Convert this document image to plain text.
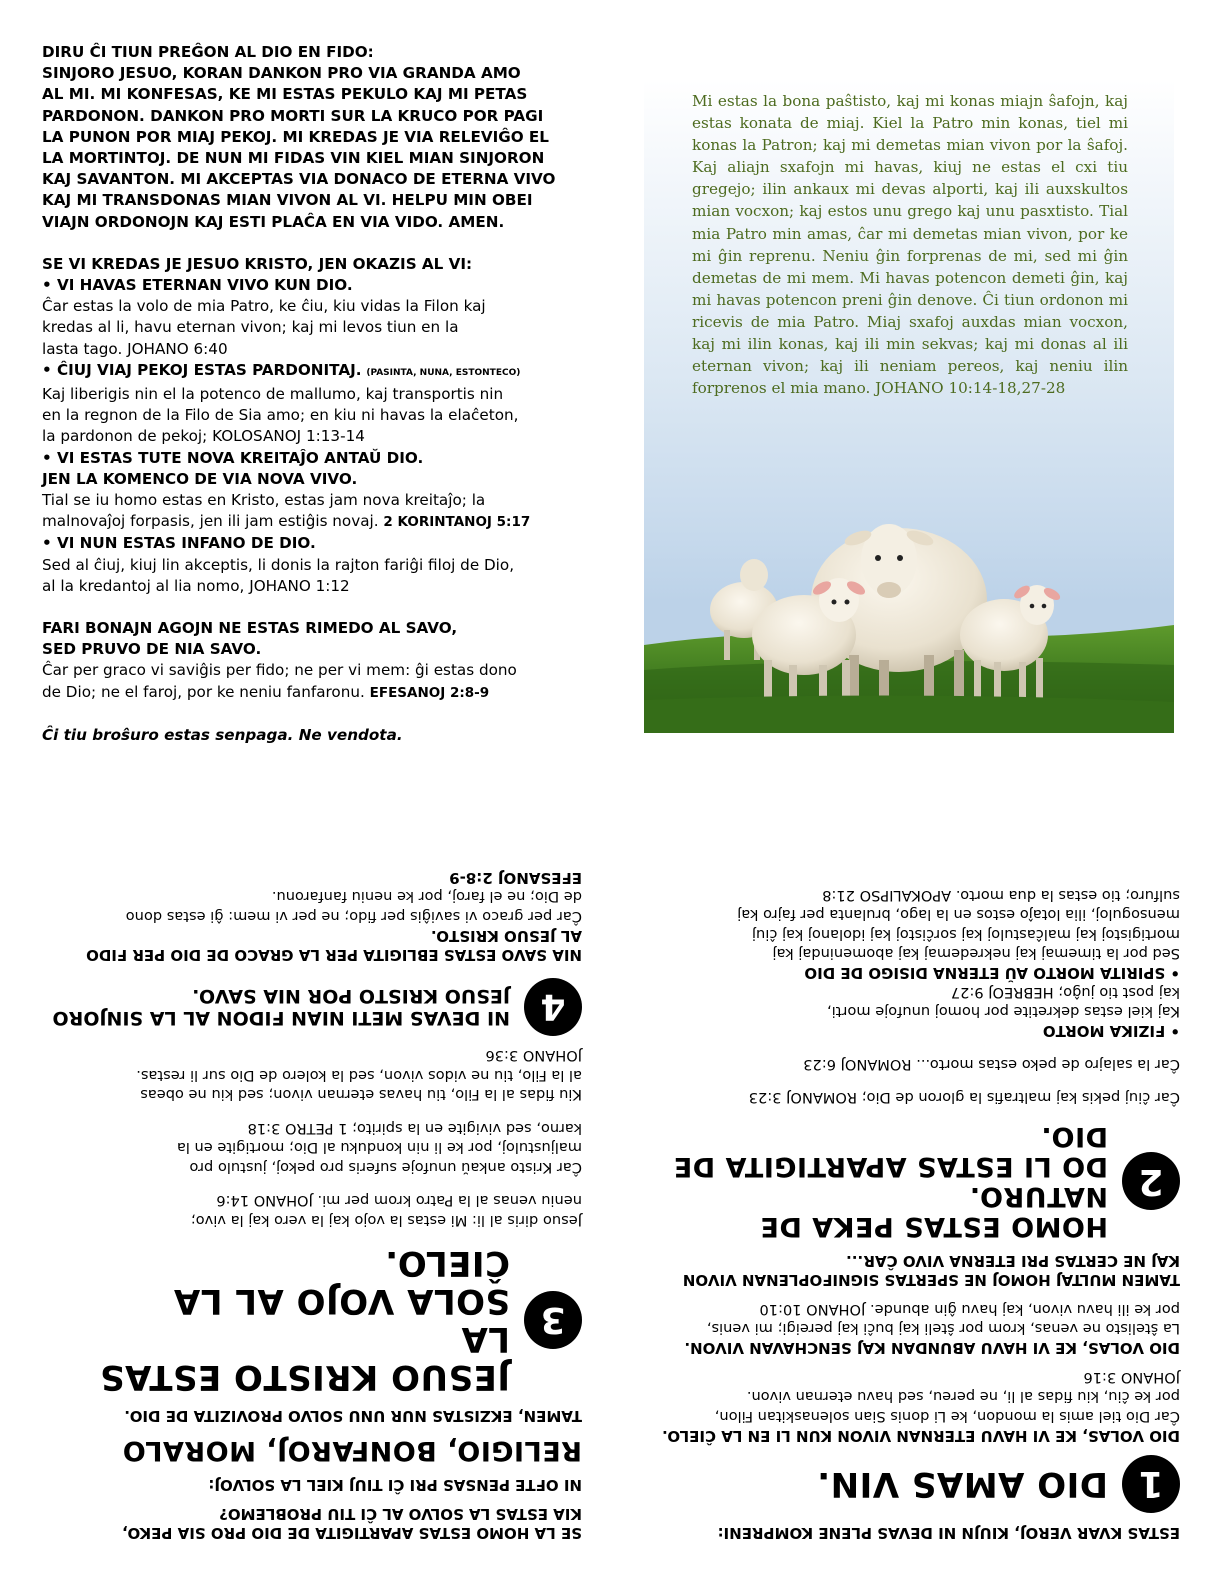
DIRU ĈI TIUN PREĜON AL DIO EN FIDO:

SINJORO JESUO, KORAN DANKON PRO VIA GRANDA AMO

AL MI. MI KONFESAS, KE MI ESTAS PEKULO KAJ MI PETAS

PARDONON. DANKON PRO MORTI SUR LA KRUCO POR PAGI

LA PUNON POR MIAJ PEKOJ. MI KREDAS JE VIA RELEVIĜO EL

LA MORTINTOJ. DE NUN MI FIDAS VIN KIEL MIAN SINJORON

KAJ SAVANTON. MI AKCEPTAS VIA DONACO DE ETERNA VIVO

KAJ MI TRANSDONAS MIAN VIVON AL VI. HELPU MIN OBEI

VIAJN ORDONOJN KAJ ESTI PLAĈA EN VIA VIDO. AMEN.

SE VI KREDAS JE JESUO KRISTO, JEN OKAZIS AL VI:

• VI HAVAS ETERNAN VIVO KUN DIO.

Ĉar estas la volo de mia Patro, ke ĉiu, kiu vidas la Filon kaj

kredas al li, havu eternan vivon; kaj mi levos tiun en la

lasta tago. JOHANO 6:40

• ĈIUJ VIAJ PEKOJ ESTAS PARDONITAJ. (PASINTA, NUNA, ESTONTECO)

Kaj liberigis nin el la potenco de mallumo, kaj transportis nin

en la regnon de la Filo de Sia amo; en kiu ni havas la elaĉeton,

la pardonon de pekoj; KOLOSANOJ 1:13-14

• VI ESTAS TUTE NOVA KREITAĴO ANTAŬ DIO.

JEN LA KOMENCO DE VIA NOVA VIVO.

Tial se iu homo estas en Kristo, estas jam nova kreitaĵo; la

malnovaĵoj forpasis, jen ili jam estiĝis novaj. 2 KORINTANOJ 5:17

• VI NUN ESTAS INFANO DE DIO.

Sed al ĉiuj, kiuj lin akceptis, li donis la rajton fariĝi filoj de Dio,

al la kredantoj al lia nomo, JOHANO 1:12

FARI BONAJN AGOJN NE ESTAS RIMEDO AL SAVO,

SED PRUVO DE NIA SAVO.

Ĉar per graco vi saviĝis per fido; ne per vi mem: ĝi estas dono

de Dio; ne el faroj, por ke neniu fanfaronu. EFESANOJ 2:8-9

Ĉi tiu broŝuro estas senpaga. Ne vendota.

Mi estas la bona paŝtisto, kaj mi konas miajn ŝafojn, kaj estas konata de miaj. Kiel la Patro min konas, tiel mi konas la Patron; kaj mi demetas mian vivon por la ŝafoj. Kaj aliajn sxafojn mi havas, kiuj ne estas el cxi tiu gregejo; ilin ankaux mi devas alporti, kaj ili auxskultos mian vocxon; kaj estos unu grego kaj unu pasxtisto. Tial mia Patro min amas, ĉar mi demetas mian vivon, por ke mi ĝin reprenu. Neniu ĝin forprenas de mi, sed mi ĝin demetas de mi mem. Mi havas potencon demeti ĝin, kaj mi havas potencon preni ĝin denove. Ĉi tiun ordonon mi ricevis de mia Patro. Miaj sxafoj auxdas mian vocxon, kaj mi ilin konas, kaj ili min sekvas; kaj mi donas al ili eternan vivon; kaj ili neniam pereos, kaj neniu ilin forprenos el mia mano. JOHANO 10:14-18,27-28

SE LA HOMO ESTAS APARTIGITA DE DIO PRO SIA PEKO,

KIA ESTAS LA SOLVO AL ĈI TIU PROBLEMO?

NI OFTE PENSAS PRI ĈI TIUJ KIEL LA SOLVOJ:

RELIGIO, BONFAROJ, MORALO

TAMEN, EKZISTAS NUR UNU SOLVO PROVIZITA DE DIO.

3

JESUO KRISTO ESTAS LA

SOLA VOJO AL LA ĈIELO.

Jesuo diris al li: Mi estas la vojo kaj la vero kaj la vivo;

neniu venas al la Patro krom per mi. JOHANO 14:6

Ĉar Kristo ankaŭ unufoje suferis pro pekoj, justulo pro

maljustuloj, por ke li nin konduku al Dio; mortigite en la

karno, sed vivigite en la spirito; 1 PETRO 3:18

Kiu fidas al la Filo, tiu havas eternan vivon; sed kiu ne obeas

al la Filo, tiu ne vidos vivon, sed la kolero de Dio sur li restas.

JOHANO 3:36

4

NI DEVAS METI NIAN FIDON AL LA SINJORO

JESUO KRISTO POR NIA SAVO.

NIA SAVO ESTAS EBLIGITA PER LA GRACO DE DIO PER FIDO

AL JESUO KRISTO.

Ĉar per graco vi saviĝis per fido; ne per vi mem: ĝi estas dono

de Dio; ne el faroj, por ke neniu fanfaronu.

EFESANOJ 2:8-9

ESTAS KVAR VEROJ, KIUJN NI DEVAS PLENE KOMPRENI:

1

DIO AMAS VIN.

DIO VOLAS, KE VI HAVU ETERNAN VIVON KUN LI EN LA ĈIELO.

Ĉar Dio tiel amis la mondon, ke Li donis Sian solenaskitan Filon,

por ke ĉiu, kiu fidas al li, ne pereu, sed havu eternan vivon.

JOHANO 3:16

DIO VOLAS, KE VI HAVU ABUNDAN KAJ SENCHAVAN VIVON.

La ŝtelisto ne venas, krom por ŝteli kaj buĉi kaj pereigi; mi venis,

por ke ili havu vivon, kaj havu ĝin abunde. JOHANO 10:10

TAMEN MULTAJ HOMOJ NE SPERTAS SIGNIFOPLENAN VIVON

KAJ NE CERTAS PRI ETERNA VIVO ĈAR...

2

HOMO ESTAS PEKA DE NATURO.

DO LI ESTAS APARTIGITA DE DIO.

Ĉar ĉiuj pekis kaj maltrafis la gloron de Dio; ROMANOJ 3:23

Ĉar la salajro de peko estas morto... ROMANOJ 6:23

• FIZIKA MORTO

Kaj kiel estas dekretite por homoj unufoje morti,

kaj post tio juĝo; HEBREOJ 9:27

• SPIRITA MORTO AŬ ETERNA DISIGO DE DIO

Sed por la timemaj kaj nekredemaj kaj abomenindaj kaj

mortigistoj kaj malĉastuloj kaj sorĉistoj kaj idolanoj kaj ĉiuj

mensoguloj, ilia lotaĵo estos en la lago, brulanta per fajro kaj

sulfuro; tio estas la dua morto. APOKALIPSO 21:8
